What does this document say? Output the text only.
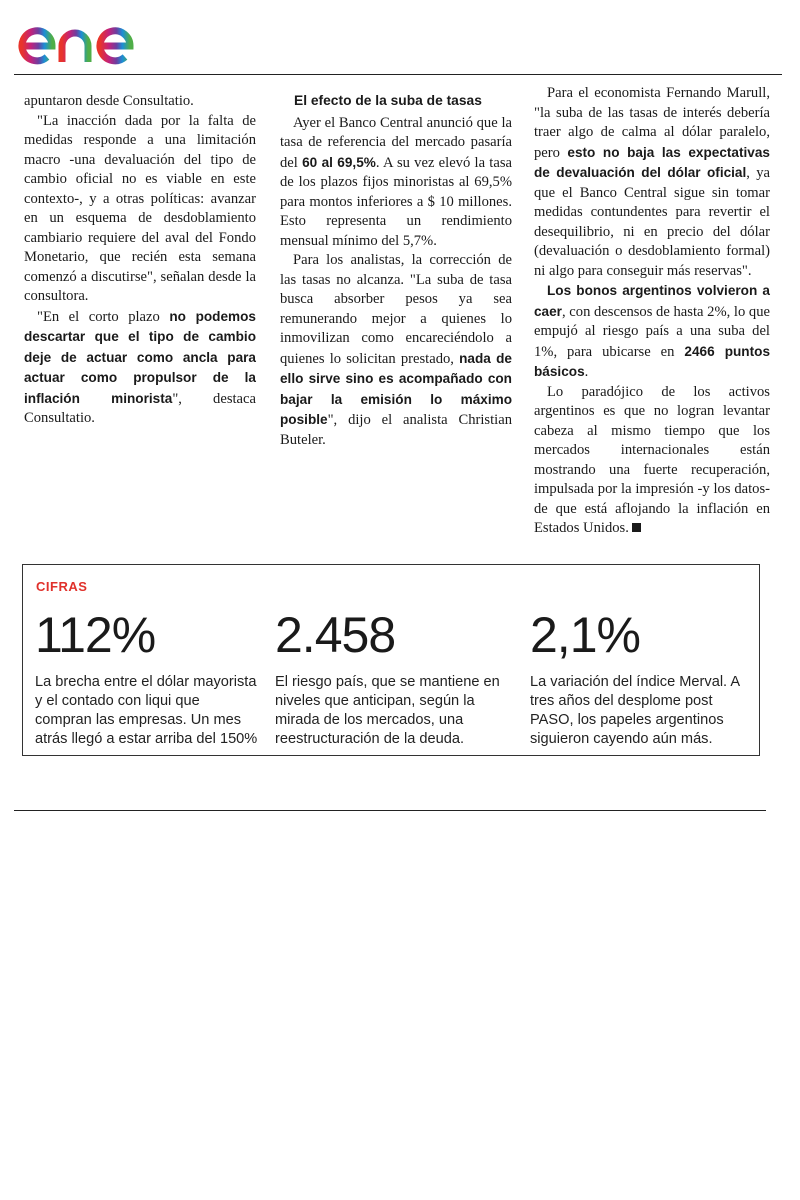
apuntaron desde Consultatio.

"La inacción dada por la falta de medidas responde a una limitación macro -una devaluación del tipo de cambio oficial no es viable en este contexto-, y a otras políticas: avanzar en un esquema de desdoblamiento cambiario requiere del aval del Fondo Monetario, que recién esta semana comenzó a discutirse", señalan desde la consultora.

"En el corto plazo no podemos descartar que el tipo de cambio deje de actuar como ancla para actuar como propulsor de la inflación minorista", destaca Consultatio.

El efecto de la suba de tasas

Ayer el Banco Central anunció que la tasa de referencia del mercado pasaría del 60 al 69,5%. A su vez elevó la tasa de los plazos fijos minoristas al 69,5% para montos inferiores a $ 10 millones. Esto representa un rendimiento mensual mínimo del 5,7%.

Para los analistas, la corrección de las tasas no alcanza. "La suba de tasa busca absorber pesos ya sea remunerando mejor a quienes lo inmovilizan como encareciéndolo a quienes lo solicitan prestado, nada de ello sirve sino es acompañado con bajar la emisión lo máximo posible", dijo el analista Christian Buteler.

Para el economista Fernando Marull, "la suba de las tasas de interés debería traer algo de calma al dólar paralelo, pero esto no baja las expectativas de devaluación del dólar oficial, ya que el Banco Central sigue sin tomar medidas contundentes para revertir el desequilibrio, ni en precio del dólar (devaluación o desdoblamiento formal) ni algo para conseguir más reservas".

Los bonos argentinos volvieron a caer, con descensos de hasta 2%, lo que empujó al riesgo país a una suba del 1%, para ubicarse en 2466 puntos básicos.

Lo paradójico de los activos argentinos es que no logran levantar cabeza al mismo tiempo que los mercados internacionales están mostrando una fuerte recuperación, impulsada por la impresión -y los datos- de que está aflojando la inflación en Estados Unidos.

CIFRAS
112%
La brecha entre el dólar mayorista y el contado con liqui que compran las empresas. Un mes atrás llegó a estar arriba del 150%
2.458
El riesgo país, que se mantiene en niveles que anticipan, según la mirada de los mercados, una reestructuración de la deuda.
2,1%
La variación del índice Merval. A tres años del desplome post PASO, los papeles argentinos siguieron cayendo aún más.
